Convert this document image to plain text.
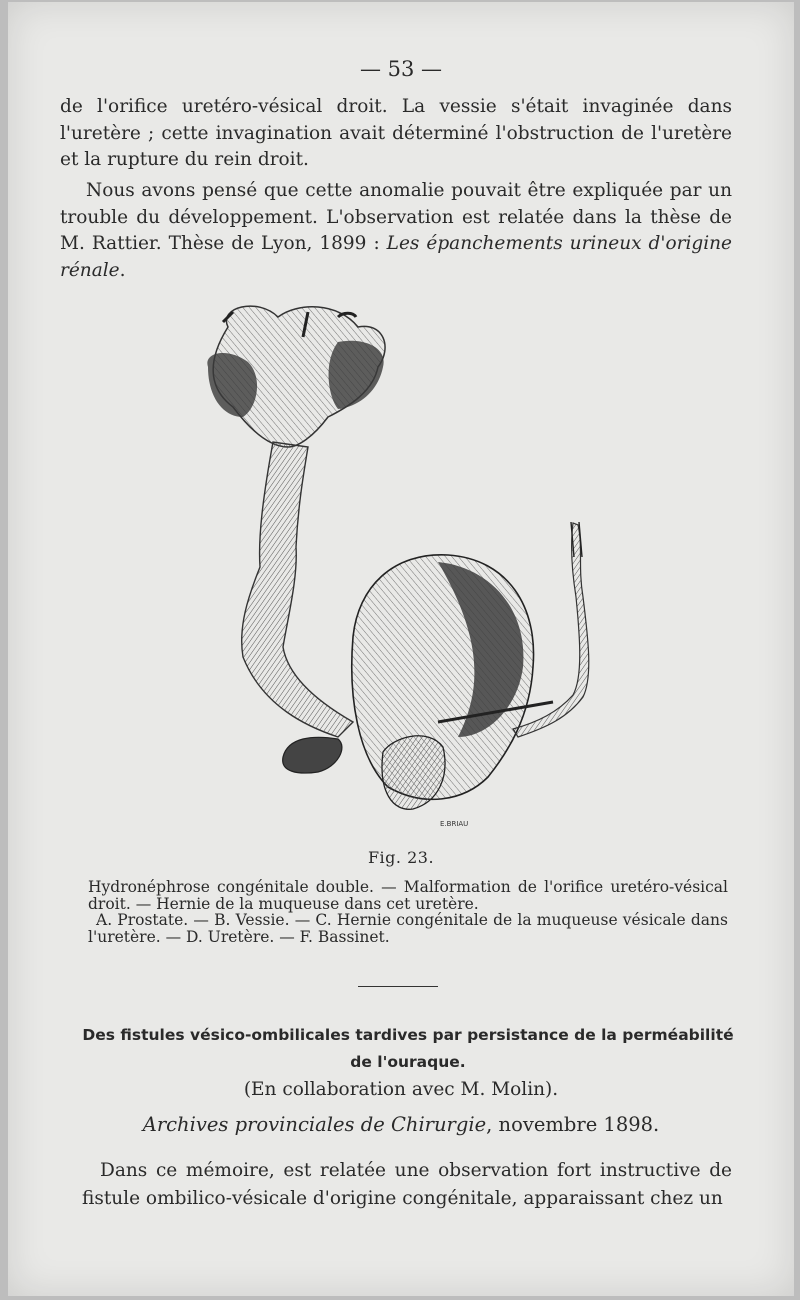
— 53 —

de l'orifice uretéro-vésical droit. La vessie s'était invaginée dans l'uretère ; cette invagination avait déterminé l'obstruction de l'uretère et la rupture du rein droit.

Nous avons pensé que cette anomalie pouvait être expliquée par un trouble du développement. L'observation est relatée dans la thèse de M. Rattier. Thèse de Lyon, 1899 : Les épanchements urineux d'origine rénale.

E.BRIAU
Fig. 23.

Hydronéphrose congénitale double. — Malformation de l'orifice uretéro-vésical droit. — Hernie de la muqueuse dans cet uretère.
A. Prostate. — B. Vessie. — C. Hernie congénitale de la muqueuse vésicale dans l'uretère. — D. Uretère. — F. Bassinet.

Des fistules vésico-ombilicales tardives par persistance de la perméabilité de l'ouraque.

(En collaboration avec M. Molin).
Archives provinciales de Chirurgie, novembre 1898.

Dans ce mémoire, est relatée une observation fort instructive de fistule ombilico-vésicale d'origine congénitale, apparaissant chez un
